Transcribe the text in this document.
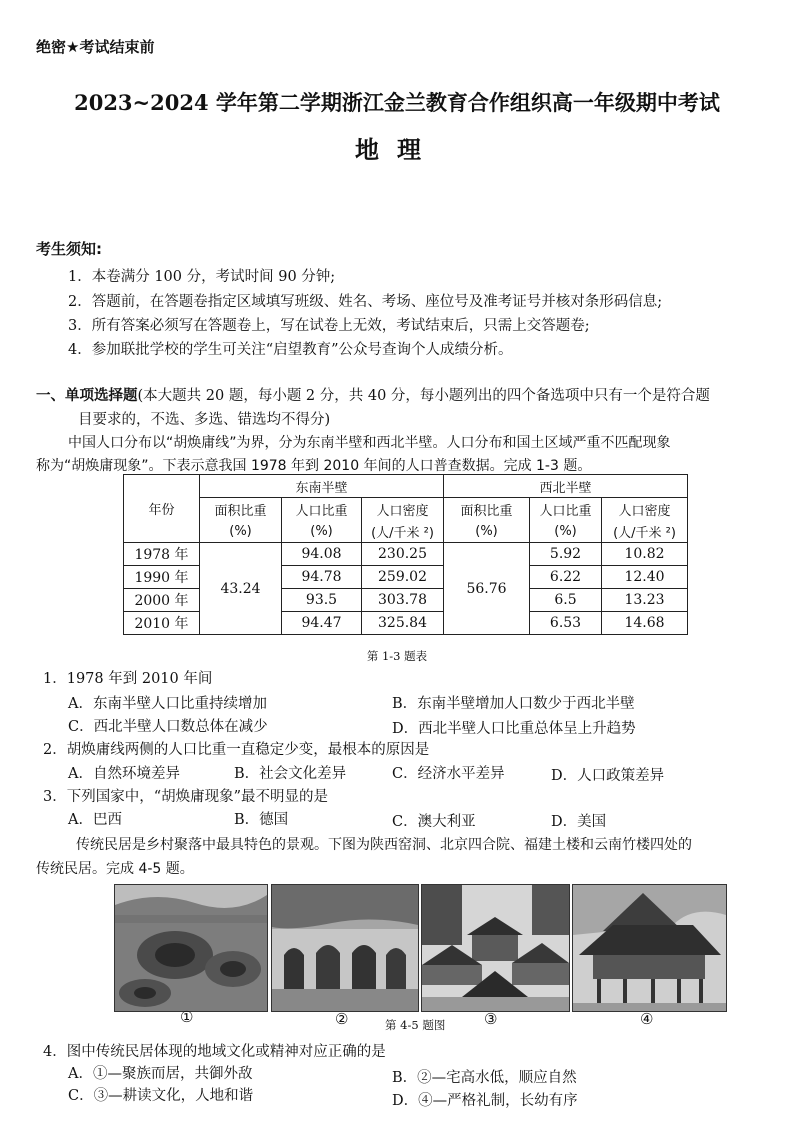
绝密★考试结束前
2023~2024 学年第二学期浙江金兰教育合作组织高一年级期中考试
地理
考生须知:
1．本卷满分 100 分，考试时间 90 分钟;
2．答题前，在答题卷指定区域填写班级、姓名、考场、座位号及准考证号并核对条形码信息;
3．所有答案必须写在答题卷上，写在试卷上无效，考试结束后，只需上交答题卷;
4．参加联批学校的学生可关注“启望教育”公众号查询个人成绩分析。
一、单项选择题(本大题共 20 题，每小题 2 分，共 40 分，每小题列出的四个备选项中只有一个是符合题
目要求的，不选、多选、错选均不得分)
中国人口分布以“胡焕庸线”为界，分为东南半壁和西北半壁。人口分布和国土区域严重不匹配现象
称为“胡焕庸现象”。下表示意我国 1978 年到 2010 年间的人口普查数据。完成 1-3 题。
年份	东南半壁			西北半壁		
	面积比重	人口比重	人口密度	面积比重	人口比重	人口密度
	(%)	(%)	(人/千米 ²)	(%)	(%)	(人/千米 ²)
1978 年	43.24	94.08	230.25	56.76	5.92	10.82
1990 年		94.78	259.02		6.22	12.40
2000 年		93.5	303.78		6.5	13.23
2010 年		94.47	325.84		6.53	14.68
第 1-3 题表
1．1978 年到 2010 年间
A．东南半壁人口比重持续增加	B．东南半壁增加人口数少于西北半壁
C．西北半壁人口数总体在减少	D．西北半壁人口比重总体呈上升趋势
2．胡焕庸线两侧的人口比重一直稳定少变，最根本的原因是
A．自然环境差异	B．社会文化差异	C．经济水平差异	D．人口政策差异
3．下列国家中，“胡焕庸现象”最不明显的是
A．巴西	B．德国	C．澳大利亚	D．美国
传统民居是乡村聚落中最具特色的景观。下图为陕西窑洞、北京四合院、福建土楼和云南竹楼四处的
传统民居。完成 4-5 题。
①	②	③	④
第 4-5 题图
4．图中传统民居体现的地域文化或精神对应正确的是
A．①—聚族而居，共御外敌	B．②—宅高水低，顺应自然
C．③—耕读文化，人地和谐	D．④—严格礼制，长幼有序
